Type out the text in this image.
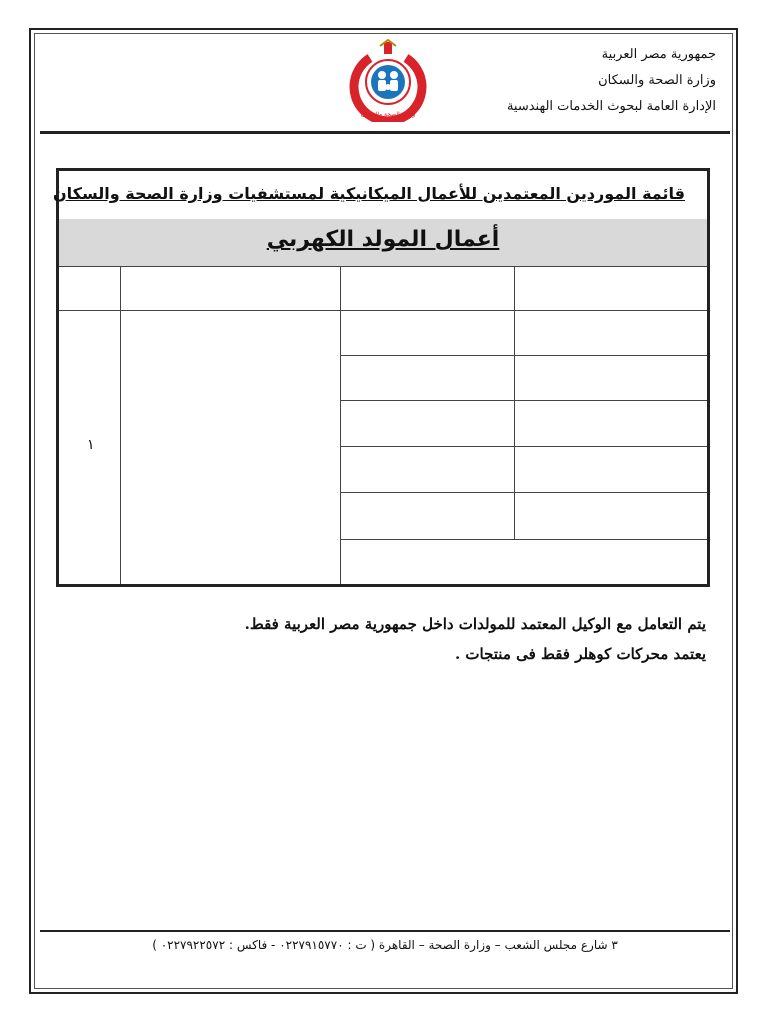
جمهورية مصر العربية
وزارة الصحة والسكان
الإدارة العامة لبحوث الخدمات الهندسية
وزارة الصحة والسكان
قائمة الموردين المعتمدين للأعمال الميكانيكية لمستشفيات وزارة الصحة والسكان
أعمال المولد الكهربي
١
يتم التعامل مع الوكيل المعتمد للمولدات داخل جمهورية مصر العربية فقط.
يعتمد محركات كوهلر فقط فى منتجات .
٣ شارع مجلس الشعب – وزارة الصحة – القاهرة ( ت : ٠٢٢٧٩١٥٧٧٠ - فاكس : ٠٢٢٧٩٢٢٥٧٢ )
